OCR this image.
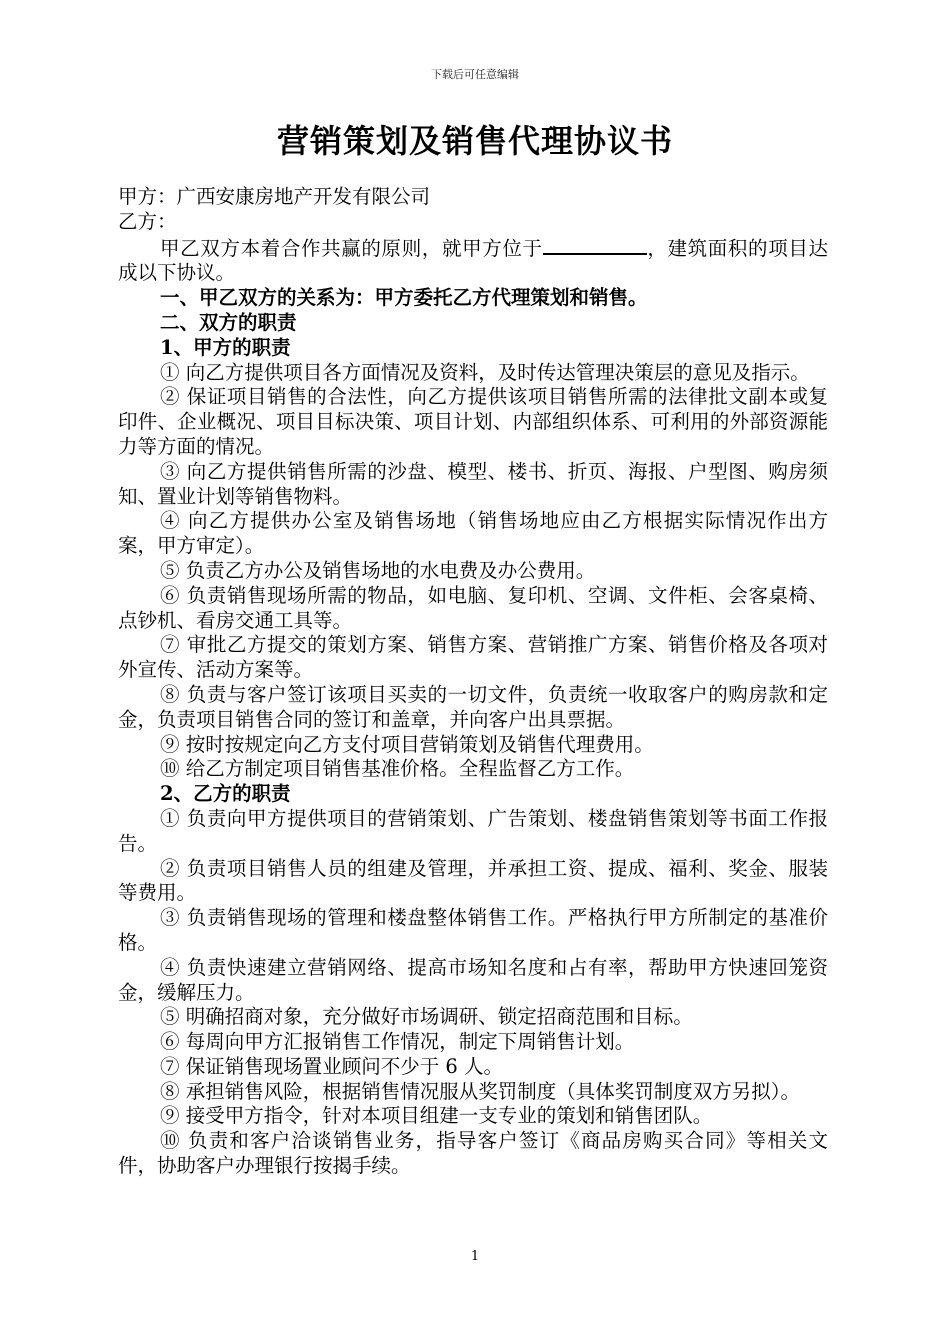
下载后可任意编辑
营销策划及销售代理协议书

甲方：广西安康房地产开发有限公司

乙方：

甲乙双方本着合作共赢的原则，就甲方位于	，建筑面积的项目达成以下协议。

一、甲乙双方的关系为：甲方委托乙方代理策划和销售。

二、双方的职责

1、甲方的职责

① 向乙方提供项目各方面情况及资料，及时传达管理决策层的意见及指示。

② 保证项目销售的合法性，向乙方提供该项目销售所需的法律批文副本或复印件、企业概况、项目目标决策、项目计划、内部组织体系、可利用的外部资源能力等方面的情况。

③ 向乙方提供销售所需的沙盘、模型、楼书、折页、海报、户型图、购房须知、置业计划等销售物料。

④ 向乙方提供办公室及销售场地（销售场地应由乙方根据实际情况作出方案，甲方审定）。

⑤ 负责乙方办公及销售场地的水电费及办公费用。

⑥ 负责销售现场所需的物品，如电脑、复印机、空调、文件柜、会客桌椅、点钞机、看房交通工具等。

⑦ 审批乙方提交的策划方案、销售方案、营销推广方案、销售价格及各项对外宣传、活动方案等。

⑧ 负责与客户签订该项目买卖的一切文件，负责统一收取客户的购房款和定金，负责项目销售合同的签订和盖章，并向客户出具票据。

⑨ 按时按规定向乙方支付项目营销策划及销售代理费用。

⑩ 给乙方制定项目销售基准价格。全程监督乙方工作。

2、乙方的职责

① 负责向甲方提供项目的营销策划、广告策划、楼盘销售策划等书面工作报告。

② 负责项目销售人员的组建及管理，并承担工资、提成、福利、奖金、服装等费用。

③ 负责销售现场的管理和楼盘整体销售工作。严格执行甲方所制定的基准价格。

④ 负责快速建立营销网络、提高市场知名度和占有率，帮助甲方快速回笼资金，缓解压力。

⑤ 明确招商对象，充分做好市场调研、锁定招商范围和目标。

⑥ 每周向甲方汇报销售工作情况，制定下周销售计划。

⑦ 保证销售现场置业顾问不少于 6 人。

⑧ 承担销售风险，根据销售情况服从奖罚制度（具体奖罚制度双方另拟）。

⑨ 接受甲方指令，针对本项目组建一支专业的策划和销售团队。

⑩ 负责和客户洽谈销售业务，指导客户签订《商品房购买合同》等相关文件，协助客户办理银行按揭手续。

1
